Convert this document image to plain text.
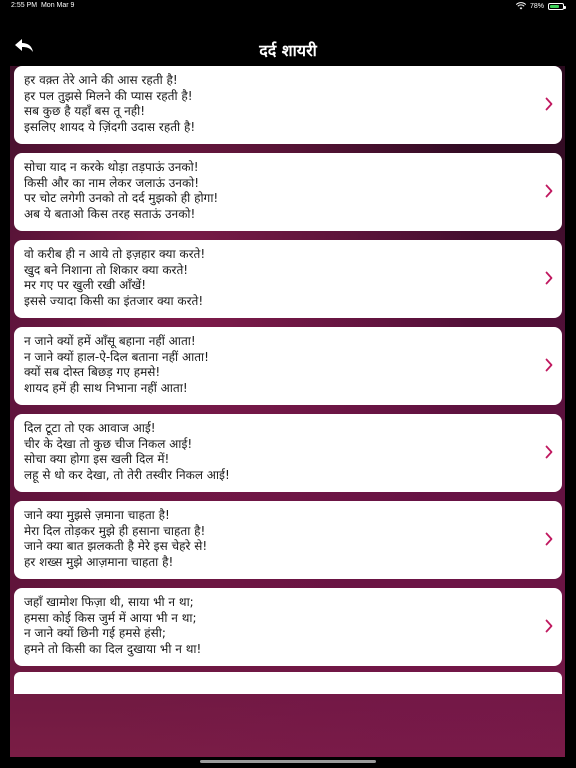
2:55 PM Mon Mar 9	78%
दर्द शायरी
हर वक़्त तेरे आने की आस रहती है!
हर पल तुझसे मिलने की प्यास रहती है!
सब कुछ है यहाँ बस तू नही!
इसलिए शायद ये ज़िंदगी उदास रहती है!
सोचा याद न करके थोड़ा तड़पाऊं उनको!
किसी और का नाम लेकर जलाऊं उनको!
पर चोट लगेगी उनको तो दर्द मुझको ही होगा!
अब ये बताओ किस तरह सताऊं उनको!
वो करीब ही न आये तो इज़हार क्या करते!
खुद बने निशाना तो शिकार क्या करते!
मर गए पर खुली रखी आँखें!
इससे ज्यादा किसी का इंतजार क्या करते!
न जाने क्यों हमें आँसू बहाना नहीं आता!
न जाने क्यों हाल-ऐ-दिल बताना नहीं आता!
क्यों सब दोस्त बिछड़ गए हमसे!
शायद हमें ही साथ निभाना नहीं आता!
दिल टूटा तो एक आवाज आई!
चीर के देखा तो कुछ चीज निकल आई!
सोचा क्या होगा इस खली दिल में!
लहू से धो कर देखा, तो तेरी तस्वीर निकल आई!
जाने क्या मुझसे ज़माना चाहता है!
मेरा दिल तोड़कर मुझे ही हसाना चाहता है!
जाने क्या बात झलकती है मेरे इस चेहरे से!
हर शख्स मुझे आज़माना चाहता है!
जहाँ खामोश फिज़ा थी, साया भी न था;
हमसा कोई किस जुर्म में आया भी न था;
न जाने क्यों छिनी गई हमसे हंसी;
हमने तो किसी का दिल दुखाया भी न था!
